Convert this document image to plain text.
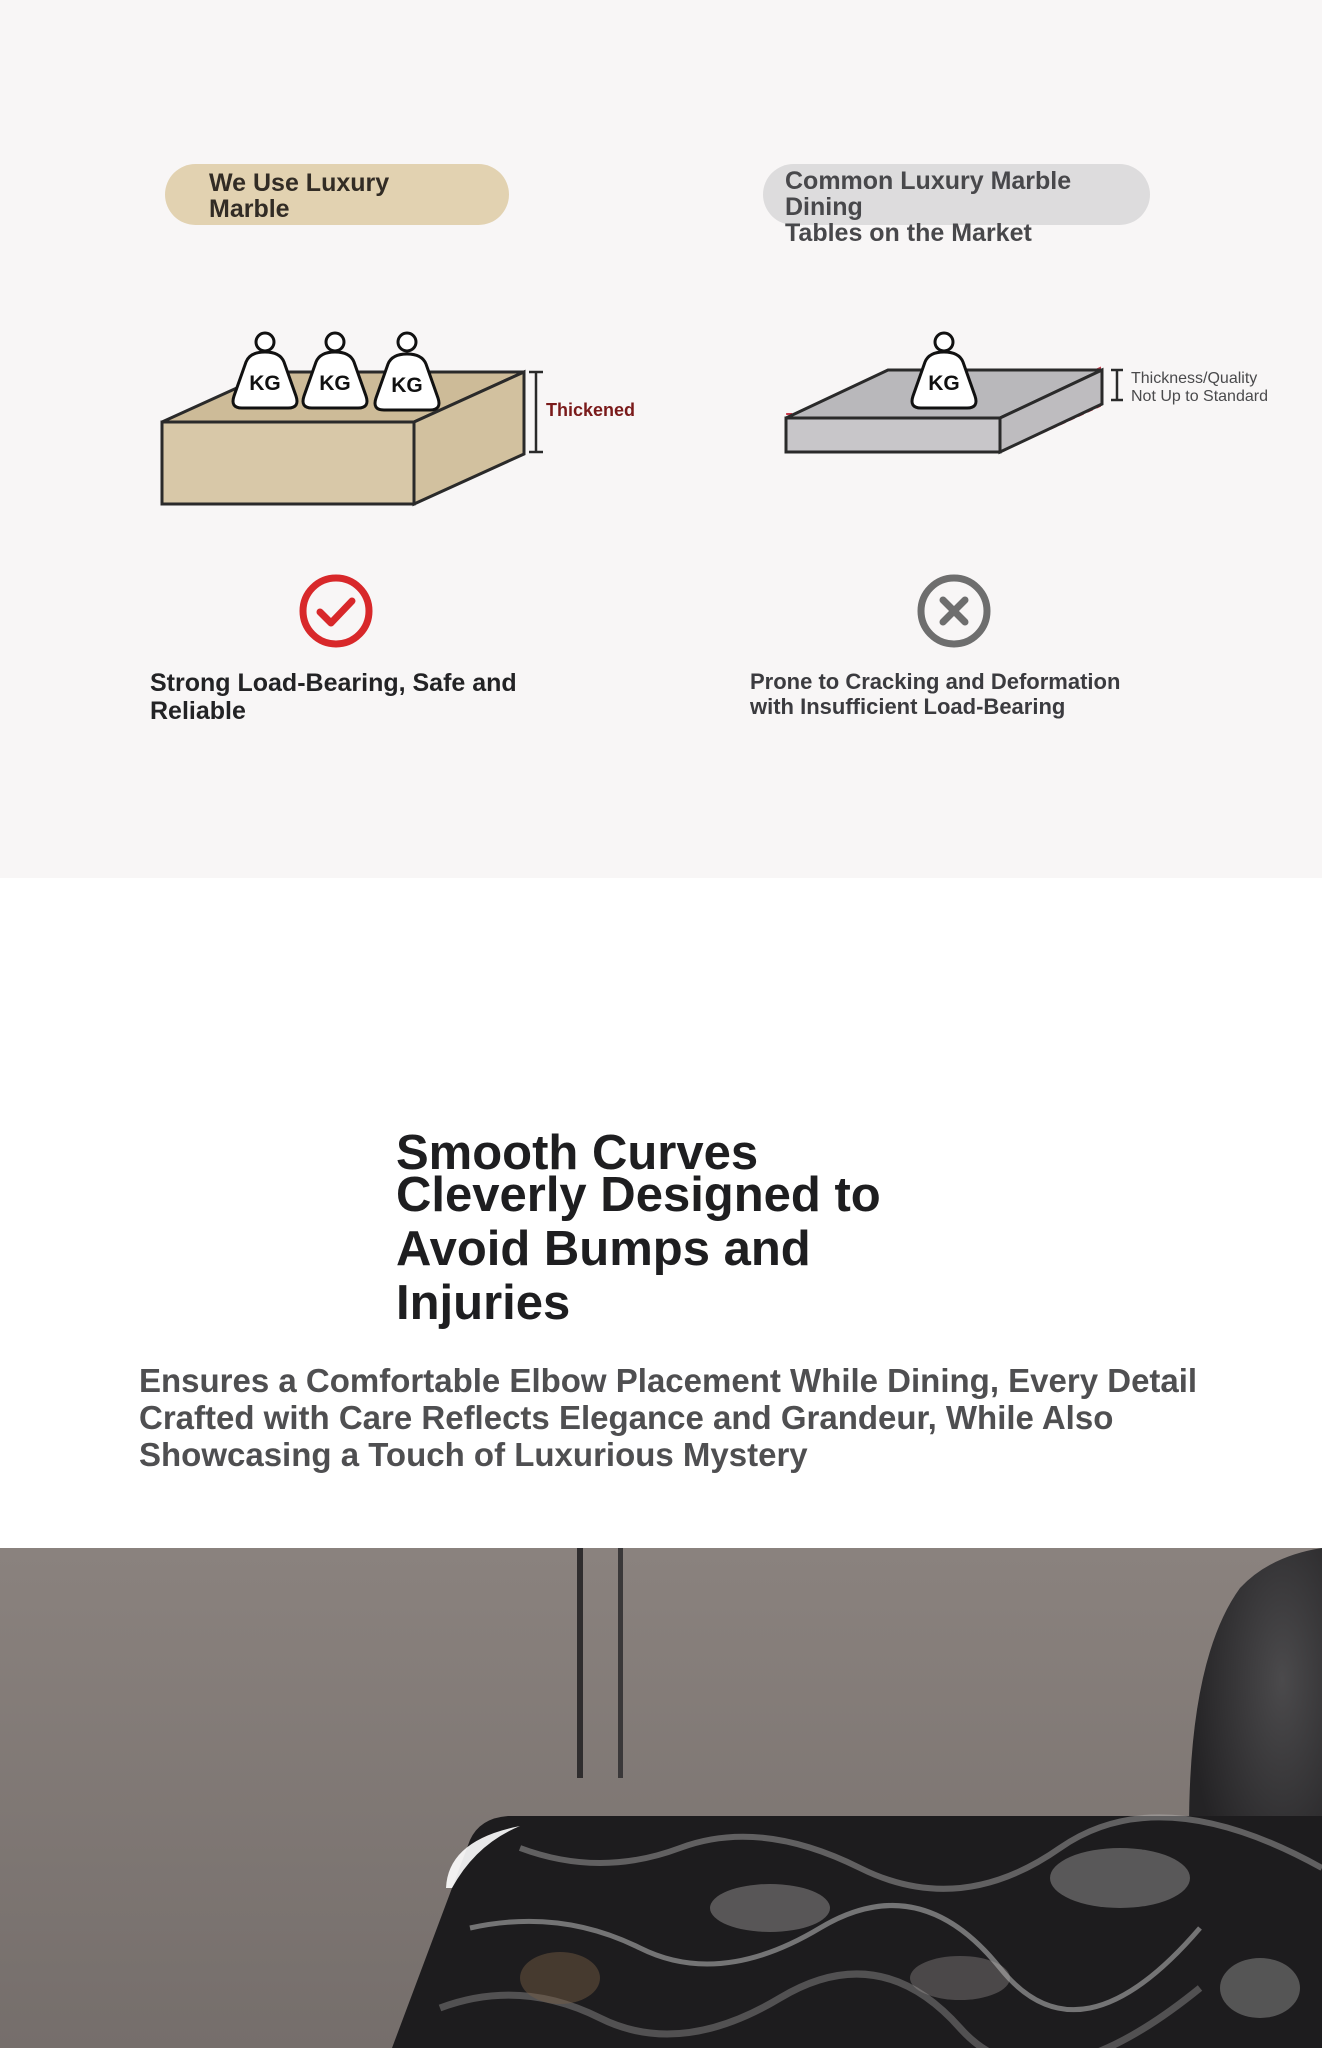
We Use Luxury
Marble
Common Luxury Marble Dining
Tables on the Market
KG KG KG
Thickened
KG	Thickness/Quality
Not Up to Standard
Strong Load-Bearing, Safe and
Reliable
Prone to Cracking and Deformation
with Insufficient Load-Bearing
Smooth Curves
Cleverly Designed to
Avoid Bumps and
Injuries
Ensures a Comfortable Elbow Placement While Dining, Every Detail
Crafted with Care Reflects Elegance and Grandeur, While Also
Showcasing a Touch of Luxurious Mystery
